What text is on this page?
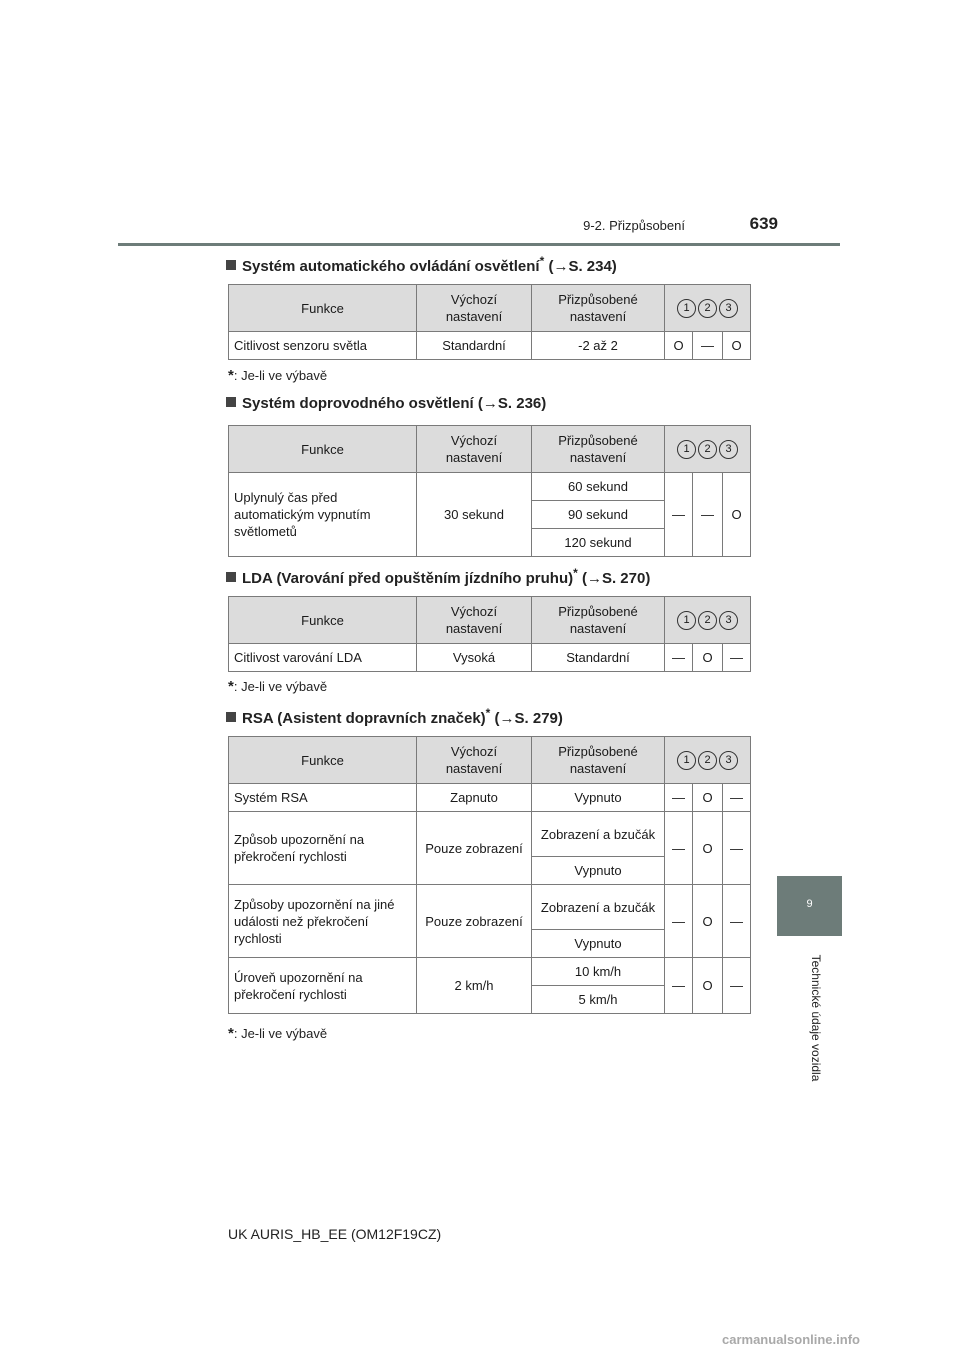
9-2. Přizpůsobení	639
9
Technické údaje vozidla
Systém automatického ovládání osvětlení* (→S. 234)
Funkce	Výchozí nastavení	Přizpůsobené nastavení	1 2 3		
Citlivost senzoru světla	Standardní	-2 až 2	O	—	O
*: Je-li ve výbavě
Systém doprovodného osvětlení (→S. 236)
Funkce	Výchozí nastavení	Přizpůsobené nastavení	1 2 3		
Uplynulý čas před automatickým vypnutím světlometů	30 sekund	60 sekund	—	—	O
		90 sekund			
		120 sekund			
LDA (Varování před opuštěním jízdního pruhu)* (→S. 270)
Funkce	Výchozí nastavení	Přizpůsobené nastavení	1 2 3		
Citlivost varování LDA	Vysoká	Standardní	—	O	—
*: Je-li ve výbavě
RSA (Asistent dopravních značek)* (→S. 279)
Funkce	Výchozí nastavení	Přizpůsobené nastavení	1 2 3		
Systém RSA	Zapnuto	Vypnuto	—	O	—
Způsob upozornění na překročení rychlosti	Pouze zobrazení	Zobrazení a bzučák	—	O	—
		Vypnuto			
Způsoby upozornění na jiné události než překročení rychlosti	Pouze zobrazení	Zobrazení a bzučák	—	O	—
		Vypnuto			
Úroveň upozornění na překročení rychlosti	2 km/h	10 km/h	—	O	—
		5 km/h			
*: Je-li ve výbavě
UK AURIS_HB_EE (OM12F19CZ)
carmanualsonline.info
